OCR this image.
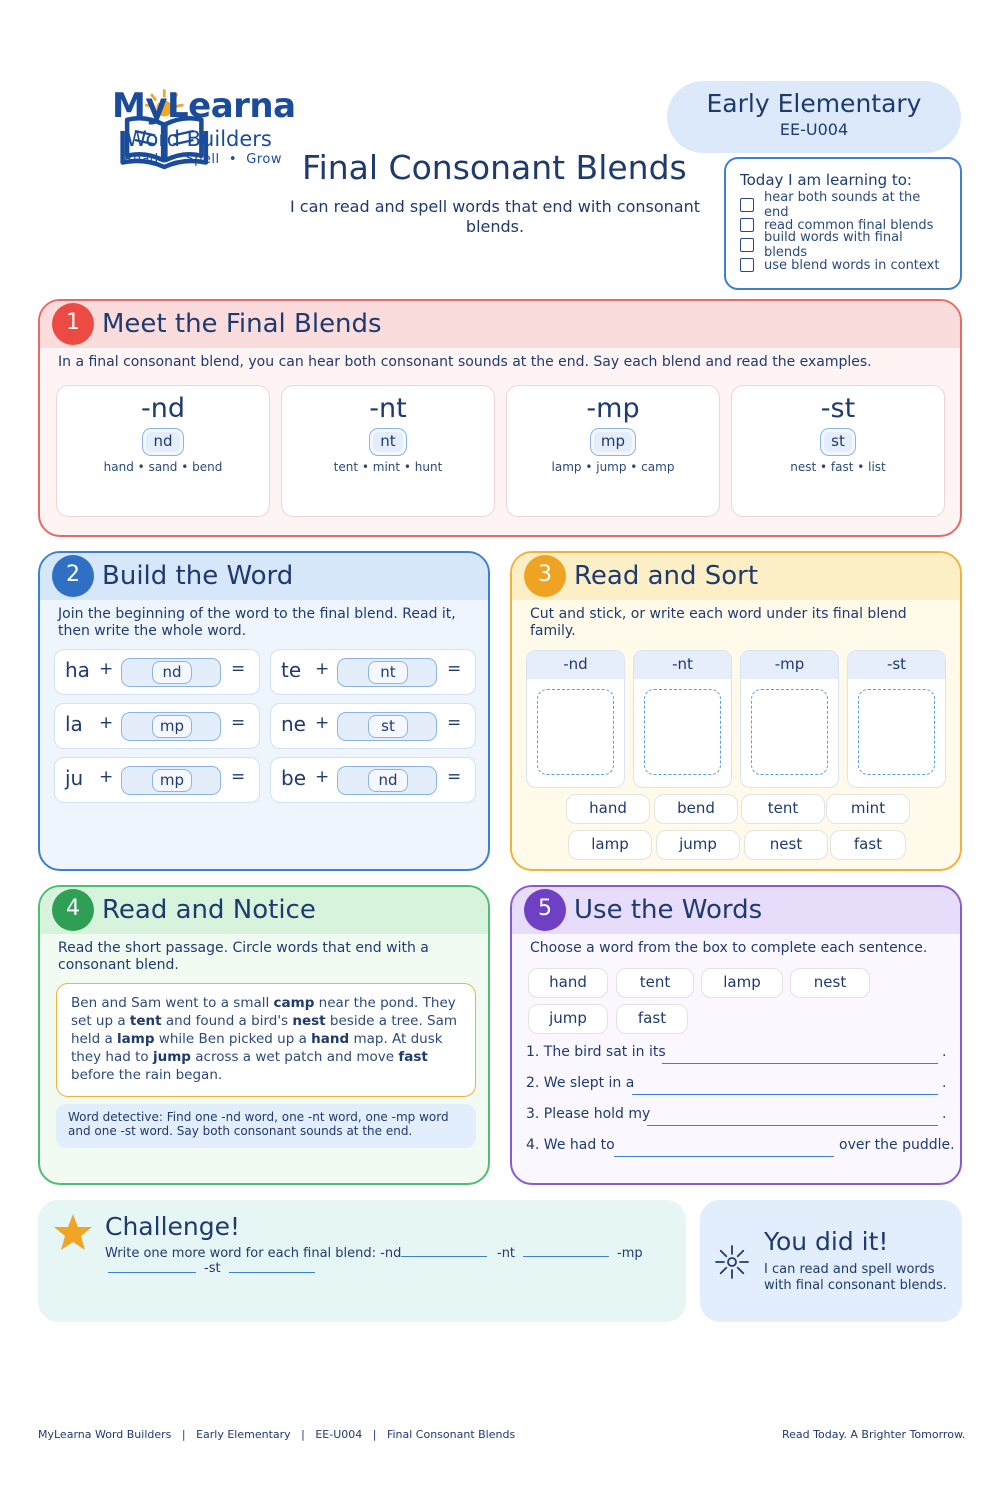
MyLearna
Word Builders
Read  •  Spell  •  Grow Final Consonant Blends
I can read and spell words that end with consonant blends.
Early Elementary
EE-U004
Today I am learning to:
hear both sounds at the end
read common final blends
build words with final blends
use blend words in context
1 Meet the Final Blends
In a final consonant blend, you can hear both consonant sounds at the end. Say each blend and read the examples.
-nd
nd
hand • sand • bend
-nt
nt
tent • mint • hunt
-mp
mp
lamp • jump • camp
-st
st
nest • fast • list
2 Build the Word
Join the beginning of the word to the final blend. Read it, then write the whole word.
ha +	nd	= te +	nt	=
la +	mp	= ne +	st	=
ju +	mp	= be +	nd	=
3 Read and Sort
Cut and stick, or write each word under its final blend family.
-nd	-nt	-mp	-st
hand	bend	tent	mint
lamp	jump	nest	fast
4 Read and Notice
Read the short passage. Circle words that end with a consonant blend.
Ben and Sam went to a small camp near the pond. They set up a tent and found a bird's nest beside a tree. Sam held a lamp while Ben picked up a hand map. At dusk they had to jump across a wet patch and move fast before the rain began.
Word detective: Find one -nd word, one -nt word, one -mp word and one -st word. Say both consonant sounds at the end.
5 Use the Words
Choose a word from the box to complete each sentence.
hand	tent	lamp	nest
jump	fast
1. The bird sat in its	.
2. We slept in a	.
3. Please hold my	.
4. We had to	over the puddle.
Challenge!
Write one more word for each final blend: -nd	-nt	-mp
-st
You did it!
I can read and spell words with final consonant blends.
MyLearna Word Builders   |   Early Elementary   |   EE-U004   |   Final Consonant Blends	Read Today. A Brighter Tomorrow.
